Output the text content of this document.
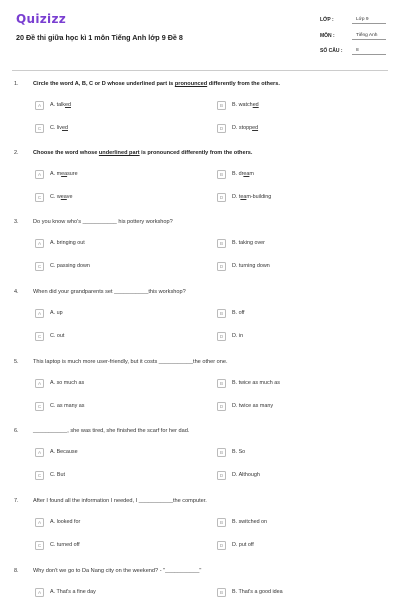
Quizizz
20 Đề thi giữa học kì 1 môn Tiếng Anh lớp 9 Đề 8
LỚP :	Lớp 9
MÔN :	Tiếng Anh
SỐ CÂU :	8
1.	Circle the word A, B, C or D whose underlined part is pronounced differently from the others.
A	A. talked	B	B. watched
C	C. lived	D	D. stopped
2.	Choose the word whose underlined part is pronounced differently from the others.
A	A. measure	B	B. dream
C	C. weave	D	D. team-building
3.	Do you know who's ___________ his pottery workshop?
A	A. bringing out	B	B. taking over
C	C. passing down	D	D. turning down
4.	When did your grandparents set ___________this workshop?
A	A. up	B	B. off
C	C. out	D	D. in
5.	This laptop is much more user-friendly, but it costs ___________the other one.
A	A. so much as	B	B. twice as much as
C	C. as many as	D	D. twice as many
6.	___________, she was tired, she finished the scarf for her dad.
A	A. Because	B	B. So
C	C. But	D	D. Although
7.	After I found all the information I needed, I ___________the computer.
A	A. looked for	B	B. switched on
C	C. turned off	D	D. put off
8.	Why don't we go to Da Nang city on the weekend? - "___________"
A	A. That's a fine day	B	B. That's a good idea
